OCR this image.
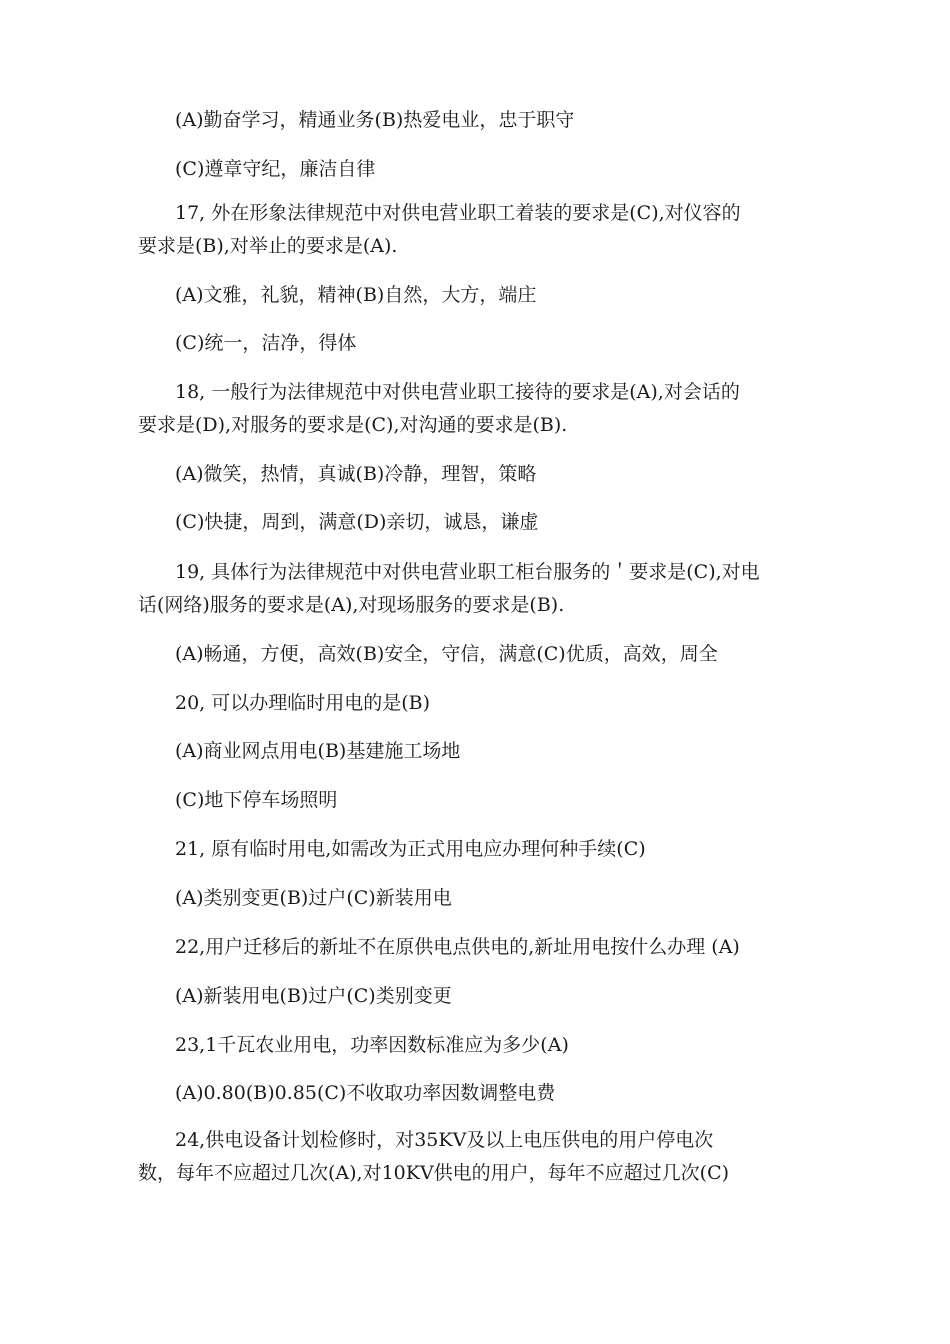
(A)勤奋学习，精通业务(B)热爱电业，忠于职守

(C)遵章守纪，廉洁自律

17, 外在形象法律规范中对供电营业职工着装的要求是(C),对仪容的

要求是(B),对举止的要求是(A).

(A)文雅，礼貌，精神(B)自然，大方，端庄

(C)统一，洁净，得体

18, 一般行为法律规范中对供电营业职工接待的要求是(A),对会话的

要求是(D),对服务的要求是(C),对沟通的要求是(B).

(A)微笑，热情，真诚(B)冷静，理智，策略

(C)快捷，周到，满意(D)亲切，诚恳，谦虚

19, 具体行为法律规范中对供电营业职工柜台服务的＇要求是(C),对电

话(网络)服务的要求是(A),对现场服务的要求是(B).

(A)畅通，方便，高效(B)安全，守信，满意(C)优质，高效，周全

20, 可以办理临时用电的是(B)

(A)商业网点用电(B)基建施工场地

(C)地下停车场照明

21, 原有临时用电,如需改为正式用电应办理何种手续(C)

(A)类别变更(B)过户(C)新装用电

22,用户迁移后的新址不在原供电点供电的,新址用电按什么办理 (A)

(A)新装用电(B)过户(C)类别变更

23,1千瓦农业用电，功率因数标准应为多少(A)

(A)0.80(B)0.85(C)不收取功率因数调整电费

24,供电设备计划检修时，对35KV及以上电压供电的用户停电次

数，每年不应超过几次(A),对10KV供电的用户，每年不应超过几次(C)
